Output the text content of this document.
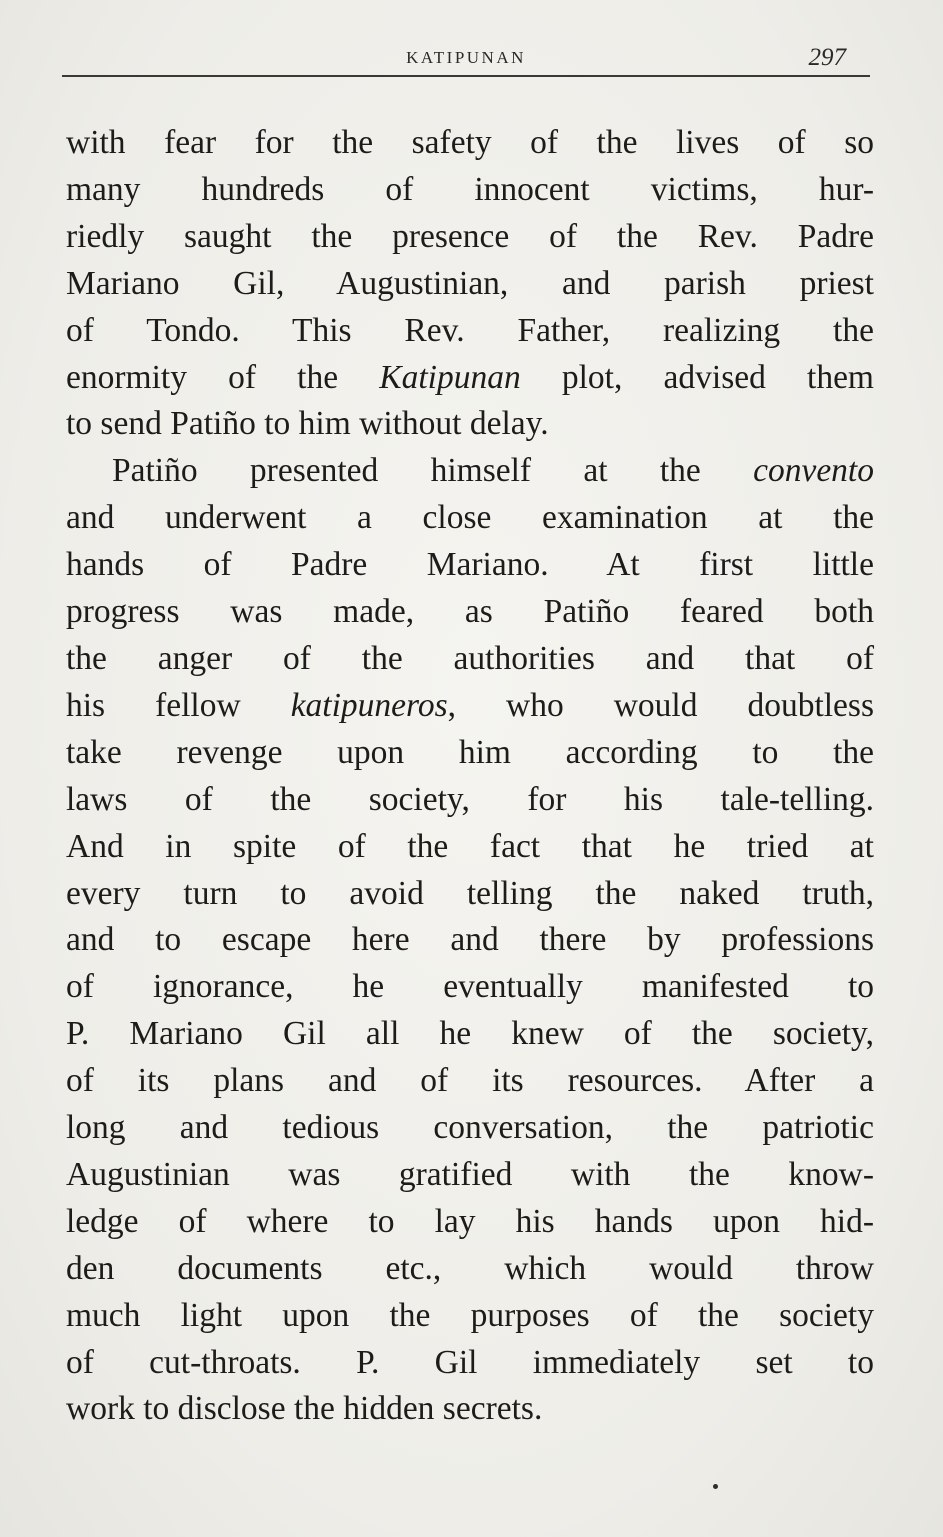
KATIPUNAN	297
with fear for the safety of the lives of so
many hundreds of innocent victims, hur-
riedly saught the presence of the Rev. Padre
Mariano Gil, Augustinian, and parish priest
of Tondo. This Rev. Father, realizing the
enormity of the Katipunan plot, advised them
to send Patiño to him without delay.
Patiño presented himself at the convento
and underwent a close examination at the
hands of Padre Mariano. At first little
progress was made, as Patiño feared both
the anger of the authorities and that of
his fellow katipuneros, who would doubtless
take revenge upon him according to the
laws of the society, for his tale-telling.
And in spite of the fact that he tried at
every turn to avoid telling the naked truth,
and to escape here and there by professions
of ignorance, he eventually manifested to
P. Mariano Gil all he knew of the society,
of its plans and of its resources. After a
long and tedious conversation, the patriotic
Augustinian was gratified with the know-
ledge of where to lay his hands upon hid-
den documents etc., which would throw
much light upon the purposes of the society
of cut-throats. P. Gil immediately set to
work to disclose the hidden secrets.
